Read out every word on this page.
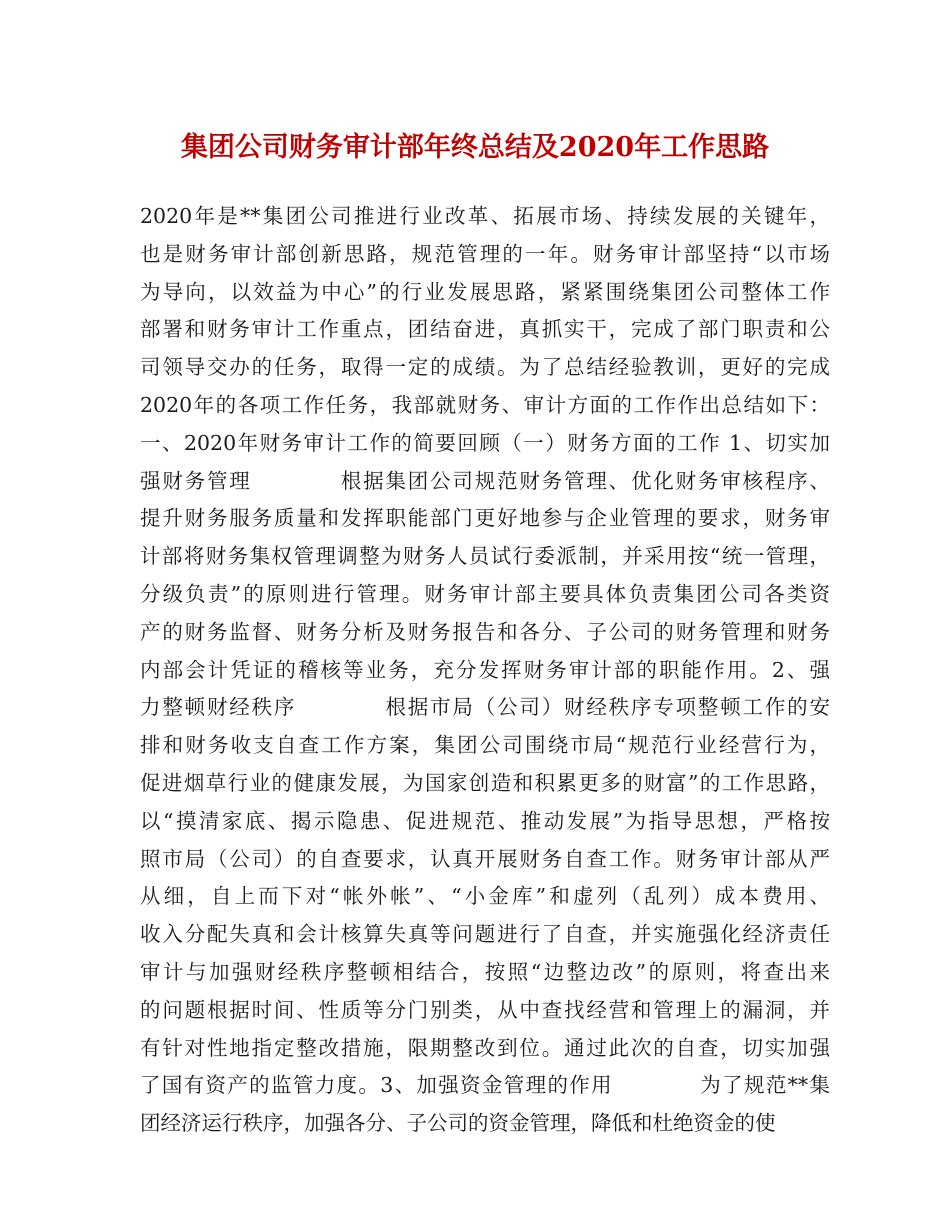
集团公司财务审计部年终总结及2020年工作思路
2020年是**集团公司推进行业改革、拓展市场、持续发展的关键年，
也是财务审计部创新思路，规范管理的一年。财务审计部坚持“以市场
为导向，以效益为中心”的行业发展思路，紧紧围绕集团公司整体工作
部署和财务审计工作重点，团结奋进，真抓实干，完成了部门职责和公
司领导交办的任务，取得一定的成绩。为了总结经验教训，更好的完成
2020年的各项工作任务，我部就财务、审计方面的工作作出总结如下：
一、2020年财务审计工作的简要回顾（一）财务方面的工作 1、切实加
强财务管理　　　　根据集团公司规范财务管理、优化财务审核程序、
提升财务服务质量和发挥职能部门更好地参与企业管理的要求，财务审
计部将财务集权管理调整为财务人员试行委派制，并采用按“统一管理，
分级负责”的原则进行管理。财务审计部主要具体负责集团公司各类资
产的财务监督、财务分析及财务报告和各分、子公司的财务管理和财务
内部会计凭证的稽核等业务，充分发挥财务审计部的职能作用。2、强
力整顿财经秩序　　　　根据市局（公司）财经秩序专项整顿工作的安
排和财务收支自查工作方案，集团公司围绕市局“规范行业经营行为，
促进烟草行业的健康发展，为国家创造和积累更多的财富”的工作思路，
以“摸清家底、揭示隐患、促进规范、推动发展”为指导思想，严格按
照市局（公司）的自查要求，认真开展财务自查工作。财务审计部从严
从细，自上而下对“帐外帐”、“小金库”和虚列（乱列）成本费用、
收入分配失真和会计核算失真等问题进行了自查，并实施强化经济责任
审计与加强财经秩序整顿相结合，按照“边整边改”的原则，将查出来
的问题根据时间、性质等分门别类，从中查找经营和管理上的漏洞，并
有针对性地指定整改措施，限期整改到位。通过此次的自查，切实加强
了国有资产的监管力度。3、加强资金管理的作用　　　　为了规范**集
团经济运行秩序，加强各分、子公司的资金管理，降低和杜绝资金的使
